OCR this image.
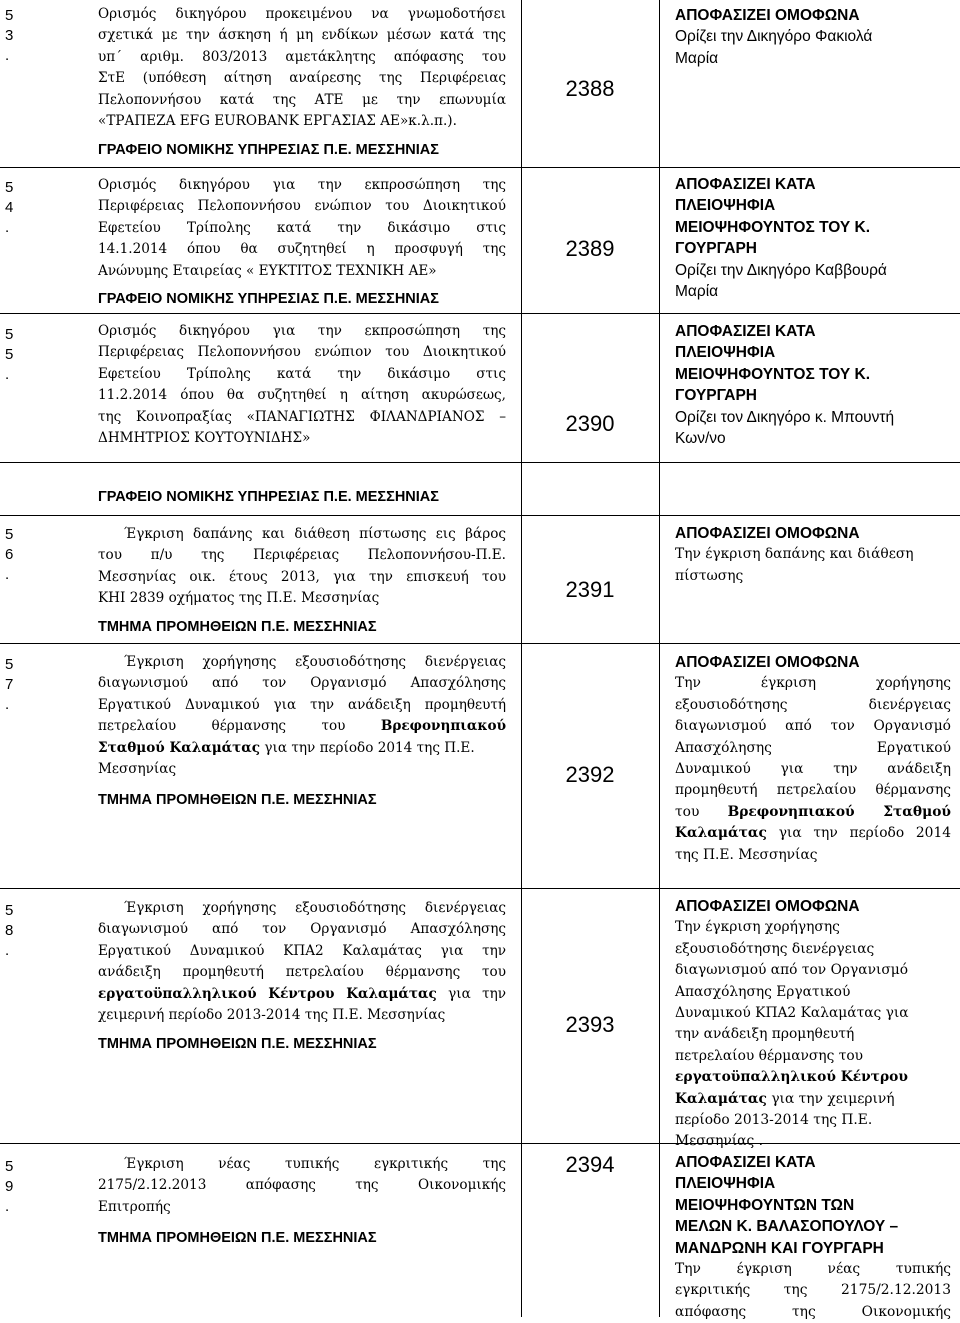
5
3
.
Ορισμός δικηγόρου προκειμένου να γνωμοδοτήσει
σχετικά με την άσκηση ή μη ενδίκων μέσων κατά της
υπ΄ αριθμ. 803/2013 αμετάκλητης απόφασης του
ΣτΕ (υπόθεση αίτηση αναίρεσης της Περιφέρειας
Πελοποννήσου κατά της ΑΤΕ με την επωνυμία
«ΤΡΑΠΕΖΑ EFG EUROBANK ΕΡΓΑΣΙΑΣ ΑΕ»κ.λ.π.).
ΓΡΑΦΕΙΟ ΝΟΜΙΚΗΣ ΥΠΗΡΕΣΙΑΣ Π.Ε. ΜΕΣΣΗΝΙΑΣ
2388
ΑΠΟΦΑΣΙΖΕΙ ΟΜΟΦΩΝΑ
Ορίζει την Δικηγόρο Φακιολά
Μαρία
5
4
.
Ορισμός δικηγόρου για την εκπροσώπηση της
Περιφέρειας Πελοποννήσου ενώπιον του Διοικητικού
Εφετείου Τρίπολης κατά την δικάσιμο στις
14.1.2014 όπου θα συζητηθεί η προσφυγή της
Ανώνυμης Εταιρείας « ΕΥΚΤΙΤΟΣ ΤΕΧΝΙΚΗ ΑΕ»
ΓΡΑΦΕΙΟ ΝΟΜΙΚΗΣ ΥΠΗΡΕΣΙΑΣ Π.Ε. ΜΕΣΣΗΝΙΑΣ
2389
ΑΠΟΦΑΣΙΖΕΙ ΚΑΤΑ
ΠΛΕΙΟΨΗΦΙΑ
ΜΕΙΟΨΗΦΟΥΝΤΟΣ ΤΟΥ Κ.
ΓΟΥΡΓΑΡΗ
Ορίζει την Δικηγόρο Καββουρά
Μαρία
5
5
.
Ορισμός δικηγόρου για την εκπροσώπηση της
Περιφέρειας Πελοποννήσου ενώπιον του Διοικητικού
Εφετείου Τρίπολης κατά την δικάσιμο στις
11.2.2014 όπου θα συζητηθεί η αίτηση ακυρώσεως,
της Κοινοπραξίας «ΠΑΝΑΓΙΩΤΗΣ ΦΙΛΑΝΔΡΙΑΝΟΣ –
ΔΗΜΗΤΡΙΟΣ ΚΟΥΤΟΥΝΙΔΗΣ»
ΓΡΑΦΕΙΟ ΝΟΜΙΚΗΣ ΥΠΗΡΕΣΙΑΣ Π.Ε. ΜΕΣΣΗΝΙΑΣ
2390
ΑΠΟΦΑΣΙΖΕΙ ΚΑΤΑ
ΠΛΕΙΟΨΗΦΙΑ
ΜΕΙΟΨΗΦΟΥΝΤΟΣ ΤΟΥ Κ.
ΓΟΥΡΓΑΡΗ
Ορίζει τον Δικηγόρο κ. Μπουντή
Κων/νο
5
6
.
Έγκριση δαπάνης και διάθεση πίστωσης εις βάρος
του π/υ της Περιφέρειας Πελοποννήσου-Π.Ε.
Μεσσηνίας οικ. έτους 2013, για την επισκευή του
ΚΗΙ 2839 οχήματος της Π.Ε. Μεσσηνίας
ΤΜΗΜΑ ΠΡΟΜΗΘΕΙΩΝ Π.Ε. ΜΕΣΣΗΝΙΑΣ
2391
ΑΠΟΦΑΣΙΖΕΙ ΟΜΟΦΩΝΑ
Την έγκριση δαπάνης και διάθεση
πίστωσης
5
7
.
Έγκριση χορήγησης εξουσιοδότησης διενέργειας
διαγωνισμού από τον Οργανισμό Απασχόλησης
Εργατικού Δυναμικού για την ανάδειξη προμηθευτή
πετρελαίου θέρμανσης του	Βρεφονηπιακού
Σταθμού Καλαμάτας για την περίοδο 2014 της Π.Ε.
Μεσσηνίας
ΤΜΗΜΑ ΠΡΟΜΗΘΕΙΩΝ Π.Ε. ΜΕΣΣΗΝΙΑΣ
2392
ΑΠΟΦΑΣΙΖΕΙ ΟΜΟΦΩΝΑ
Την έγκριση χορήγησης
εξουσιοδότησης διενέργειας
διαγωνισμού από τον Οργανισμό
Απασχόλησης Εργατικού
Δυναμικού για την ανάδειξη
προμηθευτή πετρελαίου θέρμανσης
του Βρεφονηπιακού Σταθμού
Καλαμάτας για την περίοδο 2014
της Π.Ε. Μεσσηνίας
5
8
.
Έγκριση χορήγησης εξουσιοδότησης διενέργειας
διαγωνισμού από τον Οργανισμό Απασχόλησης
Εργατικού Δυναμικού ΚΠΑ2 Καλαμάτας για την
ανάδειξη προμηθευτή πετρελαίου θέρμανσης του
εργατοϋπαλληλικού Κέντρου Καλαμάτας για την
χειμερινή περίοδο 2013-2014 της Π.Ε. Μεσσηνίας
ΤΜΗΜΑ ΠΡΟΜΗΘΕΙΩΝ Π.Ε. ΜΕΣΣΗΝΙΑΣ
2393
ΑΠΟΦΑΣΙΖΕΙ ΟΜΟΦΩΝΑ
Την έγκριση χορήγησης
εξουσιοδότησης διενέργειας
διαγωνισμού από τον Οργανισμό
Απασχόλησης Εργατικού
Δυναμικού ΚΠΑ2 Καλαμάτας για
την ανάδειξη προμηθευτή
πετρελαίου θέρμανσης του
εργατοϋπαλληλικού Κέντρου
Καλαμάτας για την χειμερινή
περίοδο 2013-2014 της Π.Ε.
Μεσσηνίας .
5
9
.
Έγκριση νέας τυπικής εγκριτικής της
2175/2.12.2013 απόφασης της Οικονομικής
Επιτροπής
ΤΜΗΜΑ ΠΡΟΜΗΘΕΙΩΝ Π.Ε. ΜΕΣΣΗΝΙΑΣ
2394	ΑΠΟΦΑΣΙΖΕΙ ΚΑΤΑ
ΠΛΕΙΟΨΗΦΙΑ
ΜΕΙΟΨΗΦΟΥΝΤΩΝ ΤΩΝ
ΜΕΛΩΝ Κ. ΒΑΛΑΣΟΠΟΥΛΟΥ –
ΜΑΝΔΡΩΝΗ ΚΑΙ ΓΟΥΡΓΑΡΗ
Την έγκριση νέας τυπικής
εγκριτικής της 2175/2.12.2013
απόφασης της Οικονομικής
